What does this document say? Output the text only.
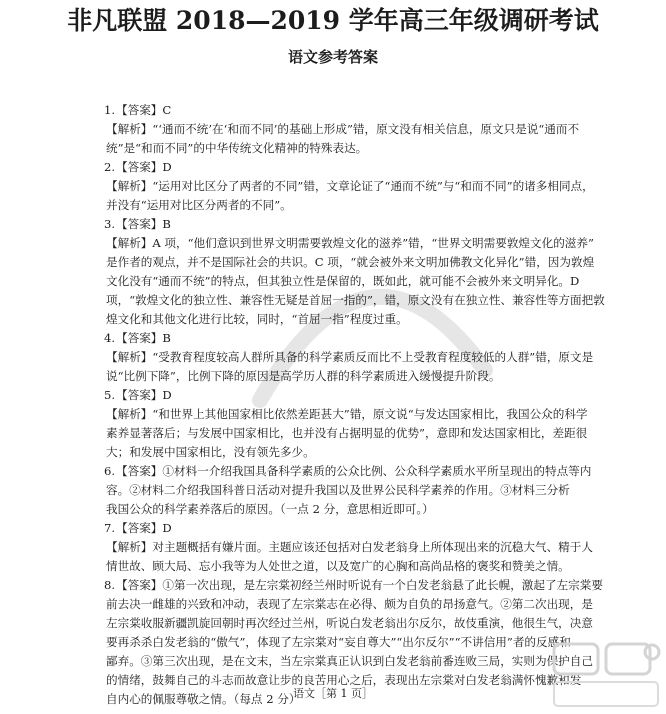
非凡联盟 2018—2019 学年高三年级调研考试
语文参考答案
1.【答案】C
【解析】“‘通而不统’在‘和而不同’的基础上形成”错，原文没有相关信息，原文只是说“通而不
统”是“和而不同”的中华传统文化精神的特殊表达。
2.【答案】D
【解析】“运用对比区分了两者的不同”错，文章论证了“通而不统”与“和而不同”的诸多相同点，
并没有“运用对比区分两者的不同”。
3.【答案】B
【解析】A 项，“他们意识到世界文明需要敦煌文化的滋养”错，“世界文明需要敦煌文化的滋养”
是作者的观点，并不是国际社会的共识。C 项，“就会被外来文明加佛教文化异化”错，因为敦煌
文化没有“通而不统”的特点，但其独立性是保留的，既如此，就可能不会被外来文明异化。D
项，“敦煌文化的独立性、兼容性无疑是首屈一指的”，错，原文没有在独立性、兼容性等方面把敦
煌文化和其他文化进行比较，同时，“首屈一指”程度过重。
4.【答案】B
【解析】“受教育程度较高人群所具备的科学素质反而比不上受教育程度较低的人群”错，原文是
说“比例下降”，比例下降的原因是高学历人群的科学素质进入缓慢提升阶段。
5.【答案】D
【解析】“和世界上其他国家相比依然差距甚大”错，原文说“与发达国家相比，我国公众的科学
素养显著落后；与发展中国家相比，也并没有占据明显的优势”，意即和发达国家相比，差距很
大；和发展中国家相比，没有领先多少。
6.【答案】①材料一介绍我国具备科学素质的公众比例、公众科学素质水平所呈现出的特点等内
容。②材料二介绍我国科普日活动对提升我国以及世界公民科学素养的作用。③材料三分析
我国公众的科学素养落后的原因。（一点 2 分，意思相近即可。）
7.【答案】D
【解析】对主题概括有嫌片面。主题应该还包括对白发老翁身上所体现出来的沉稳大气、精于人
情世故、顾大局、忘小我等为人处世之道，以及宽广的心胸和高尚品格的褒奖和赞美之情。
8.【答案】①第一次出现，是左宗棠初经兰州时听说有一个白发老翁悬了此长幌，激起了左宗棠要
前去决一雌雄的兴致和冲动，表现了左宗棠志在必得、颇为自负的昂扬意气。②第二次出现，是
左宗棠收服新疆凯旋回朝时再次经过兰州，听说白发老翁出尔反尔，故伎重演，他很生气，决意
要再杀杀白发老翁的“傲气”，体现了左宗棠对“妄自尊大”“出尔反尔”“不讲信用”者的反感和
鄙弃。③第三次出现，是在文末，当左宗棠真正认识到白发老翁前番连败三局，实则为保护自己
的情绪，鼓舞自己的斗志而故意让步的良苦用心之后，表现出左宗棠对白发老翁满怀愧歉和发
自内心的佩服尊敬之情。（每点 2 分）
语文［第 1 页］
